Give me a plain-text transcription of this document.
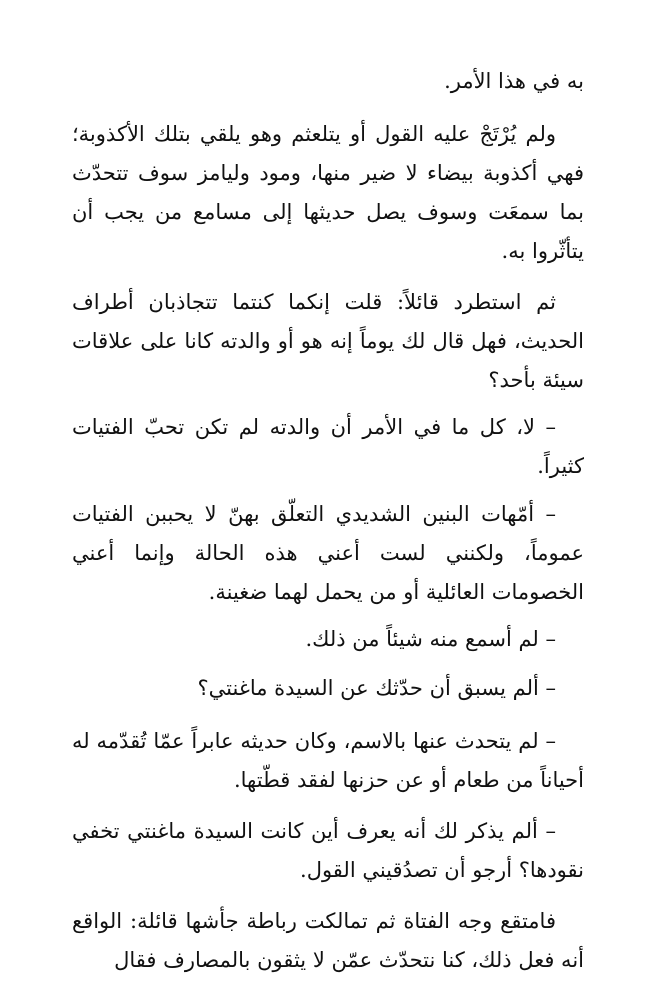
به في هذا الأمر.
ولم يُرْتَجْ عليه القول أو يتلعثم وهو يلقي بتلك الأكذوبة؛ فهي أكذوبة بيضاء لا ضير منها، ومود وليامز سوف تتحدّث بما سمعَت وسوف يصل حديثها إلى مسامع من يجب أن يتأثّروا به.
ثم استطرد قائلاً: قلت إنكما كنتما تتجاذبان أطراف الحديث، فهل قال لك يوماً إنه هو أو والدته كانا على علاقات سيئة بأحد؟
– لا، كل ما في الأمر أن والدته لم تكن تحبّ الفتيات كثيراً.
– أمّهات البنين الشديدي التعلّق بهنّ لا يحببن الفتيات عموماً، ولكنني لست أعني هذه الحالة وإنما أعني الخصومات العائلية أو من يحمل لهما ضغينة.
– لم أسمع منه شيئاً من ذلك.
– ألم يسبق أن حدّثك عن السيدة ماغنتي؟
– لم يتحدث عنها بالاسم، وكان حديثه عابراً عمّا تُقدّمه له أحياناً من طعام أو عن حزنها لفقد قطّتها.
– ألم يذكر لك أنه يعرف أين كانت السيدة ماغنتي تخفي نقودها؟ أرجو أن تصدُقيني القول.
فامتقع وجه الفتاة ثم تمالكت رباطة جأشها قائلة: الواقع أنه فعل ذلك، كنا نتحدّث عمّن لا يثقون بالمصارف فقال
